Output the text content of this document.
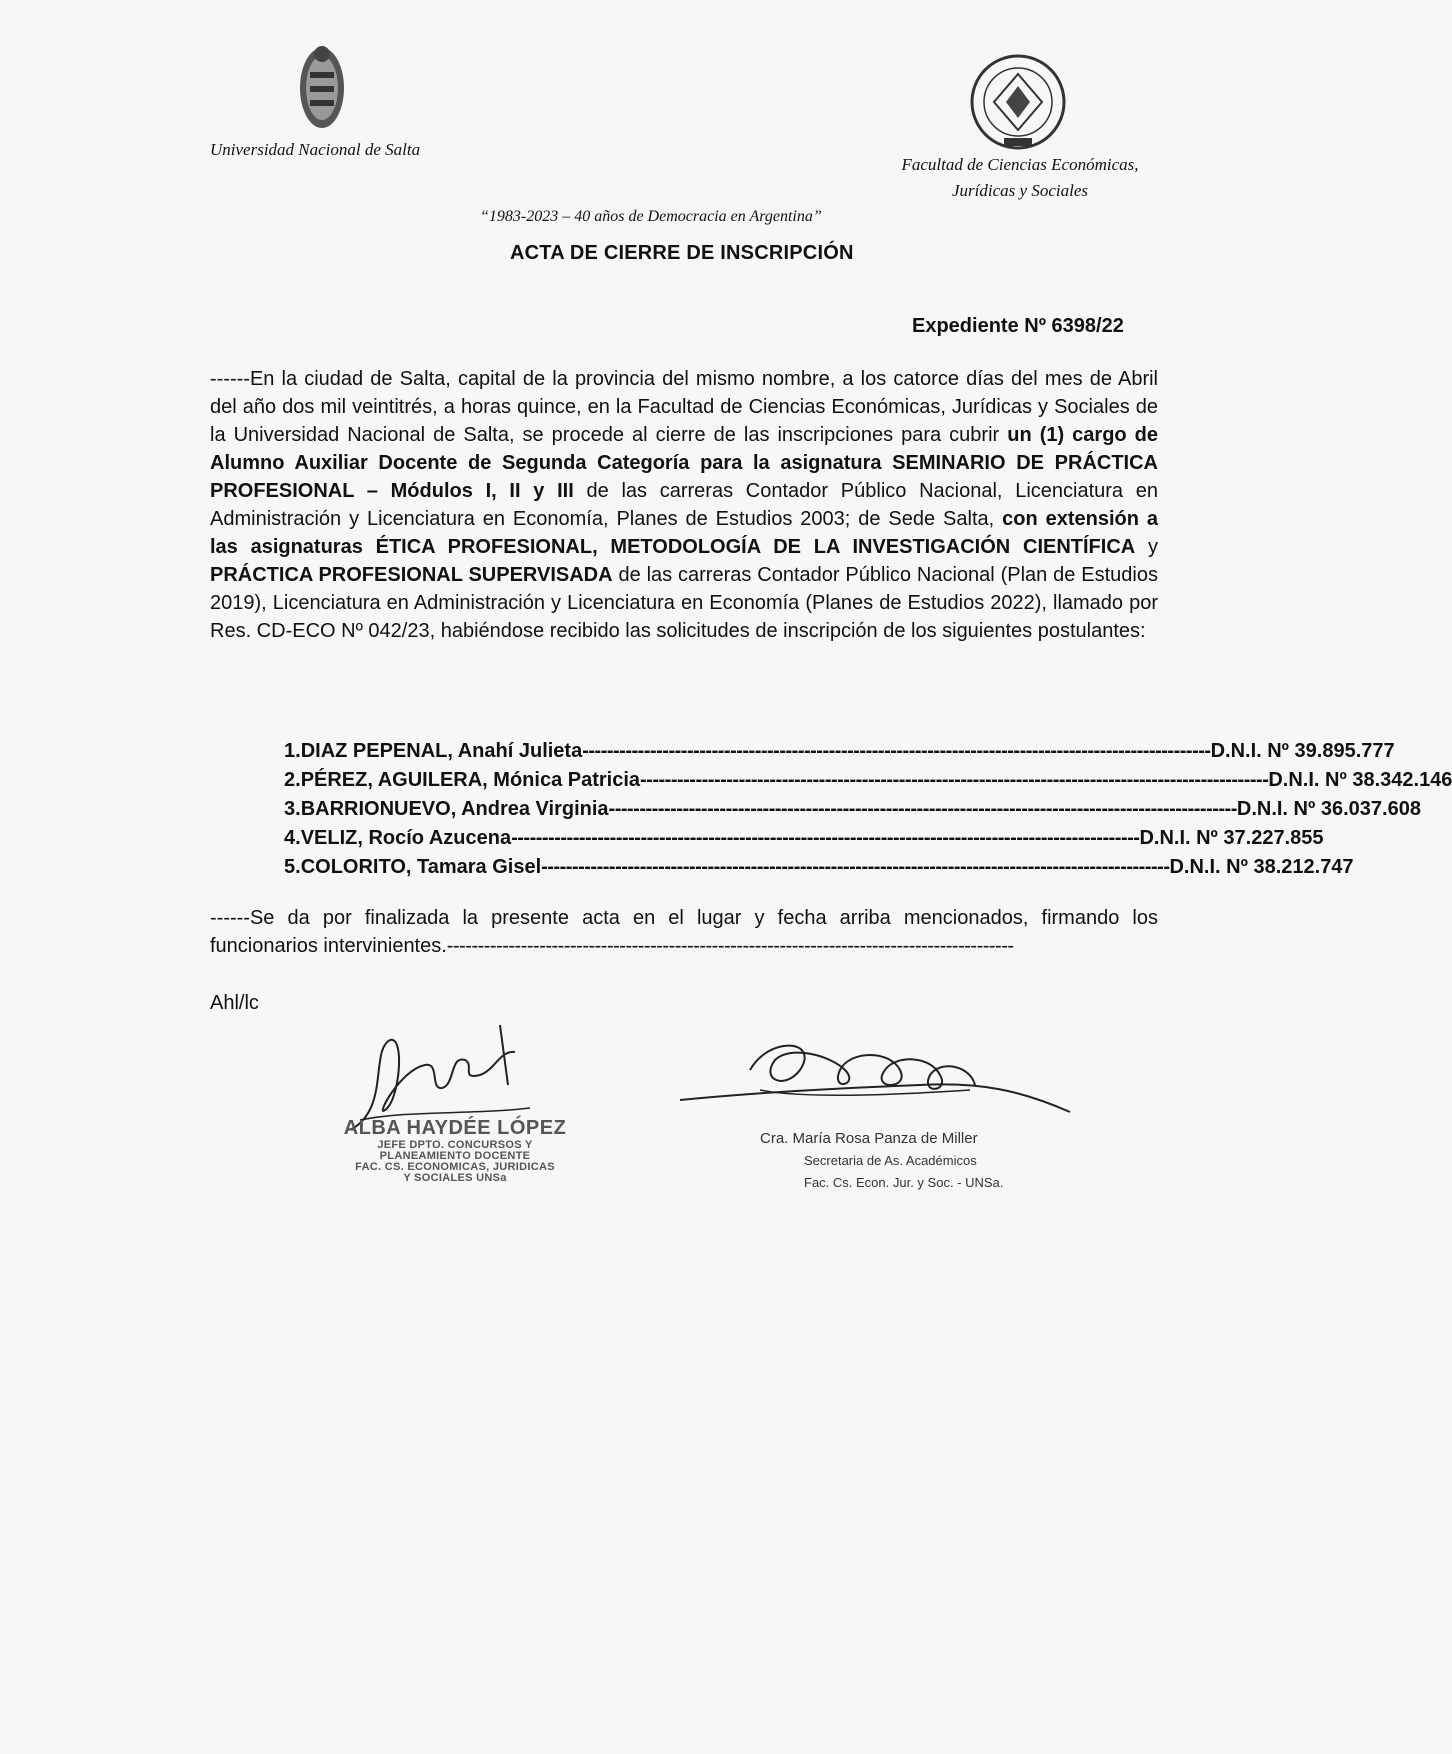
Universidad Nacional de Salta
Facultad de Ciencias Económicas,
Jurídicas y Sociales
“1983-2023 – 40 años de Democracia en Argentina”
ACTA DE CIERRE DE INSCRIPCIÓN
Expediente Nº 6398/22
------En la ciudad de Salta, capital de la provincia del mismo nombre, a los catorce días del mes de Abril del año dos mil veintitrés, a horas quince, en la Facultad de Ciencias Económicas, Jurídicas y Sociales de la Universidad Nacional de Salta, se procede al cierre de las inscripciones para cubrir un (1) cargo de Alumno Auxiliar Docente de Segunda Categoría para la asignatura SEMINARIO DE PRÁCTICA PROFESIONAL – Módulos I, II y III de las carreras Contador Público Nacional, Licenciatura en Administración y Licenciatura en Economía, Planes de Estudios 2003; de Sede Salta, con extensión a las asignaturas ÉTICA PROFESIONAL, METODOLOGÍA DE LA INVESTIGACIÓN CIENTÍFICA y PRÁCTICA PROFESIONAL SUPERVISADA de las carreras Contador Público Nacional (Plan de Estudios 2019), Licenciatura en Administración y Licenciatura en Economía (Planes de Estudios 2022), llamado por Res. CD-ECO Nº 042/23, habiéndose recibido las solicitudes de inscripción de los siguientes postulantes:
1. DIAZ PEPENAL, Anahí Julieta ------------------------------------------------------------------------------------------------------ D.N.I. Nº 39.895.777
2. PÉREZ, AGUILERA, Mónica Patricia ------------------------------------------------------------------------------------------------------ D.N.I. Nº 38.342.146
3. BARRIONUEVO, Andrea Virginia ------------------------------------------------------------------------------------------------------ D.N.I. Nº 36.037.608
4. VELIZ, Rocío Azucena ------------------------------------------------------------------------------------------------------ D.N.I. Nº 37.227.855
5. COLORITO, Tamara Gisel ------------------------------------------------------------------------------------------------------ D.N.I. Nº 38.212.747
------Se da por finalizada la presente acta en el lugar y fecha arriba mencionados, firmando los funcionarios intervinientes.--------------------------------------------------------------------------------------------
Ahl/lc
ALBA HAYDÉE LÓPEZ
JEFE DPTO. CONCURSOS Y
PLANEAMIENTO DOCENTE
FAC. CS. ECONOMICAS, JURIDICAS
Y SOCIALES UNSa
Cra. María Rosa Panza de Miller
Secretaria de As. Académicos
Fac. Cs. Econ. Jur. y Soc. - UNSa.
